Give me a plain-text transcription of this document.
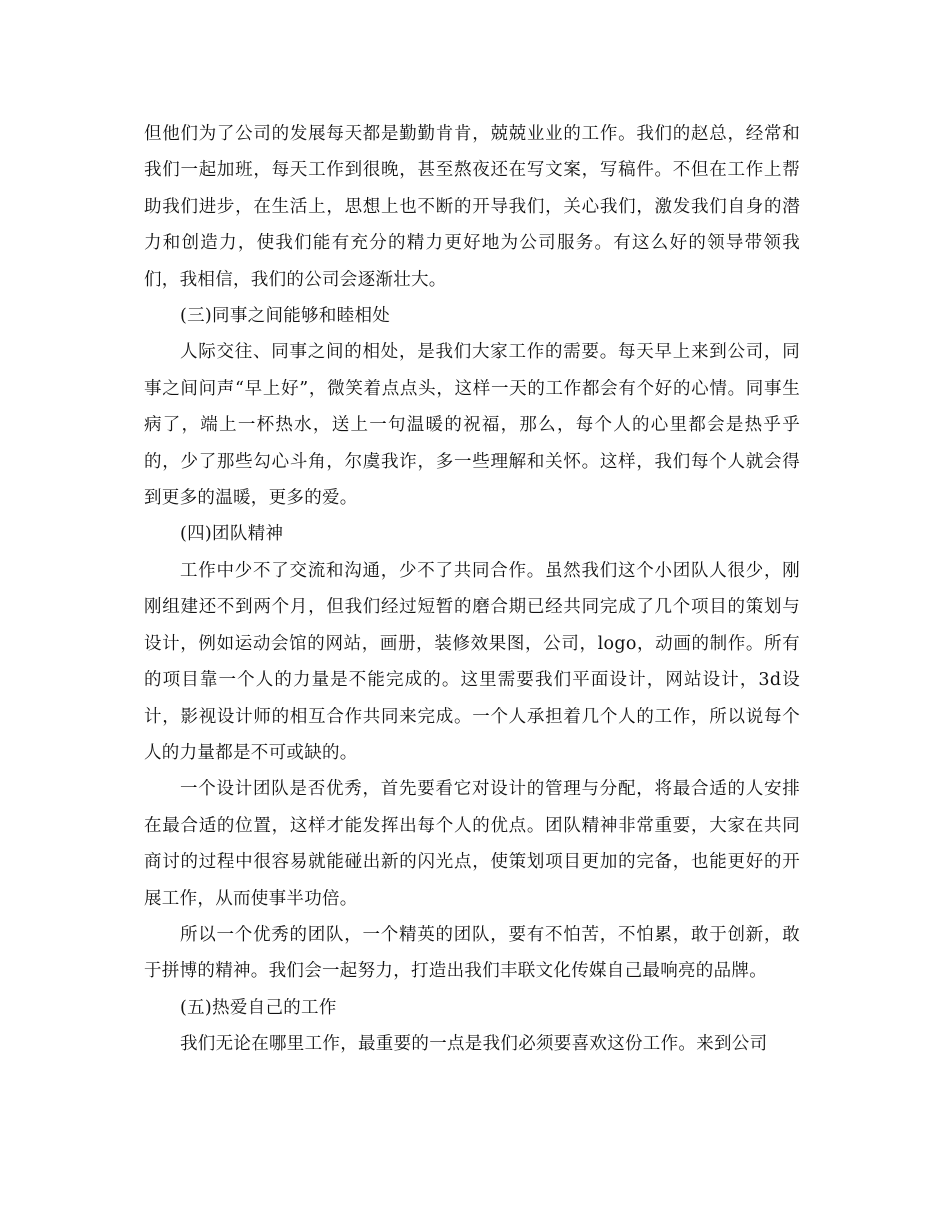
但他们为了公司的发展每天都是勤勤肯肯，兢兢业业的工作。我们的赵总，经常和我们一起加班，每天工作到很晚，甚至熬夜还在写文案，写稿件。不但在工作上帮助我们进步，在生活上，思想上也不断的开导我们，关心我们，激发我们自身的潜力和创造力，使我们能有充分的精力更好地为公司服务。有这么好的领导带领我们，我相信，我们的公司会逐渐壮大。

(三)同事之间能够和睦相处

人际交往、同事之间的相处，是我们大家工作的需要。每天早上来到公司，同事之间问声“早上好”，微笑着点点头，这样一天的工作都会有个好的心情。同事生病了，端上一杯热水，送上一句温暖的祝福，那么，每个人的心里都会是热乎乎的，少了那些勾心斗角，尔虞我诈，多一些理解和关怀。这样，我们每个人就会得到更多的温暖，更多的爱。

(四)团队精神

工作中少不了交流和沟通，少不了共同合作。虽然我们这个小团队人很少，刚刚组建还不到两个月，但我们经过短暂的磨合期已经共同完成了几个项目的策划与设计，例如运动会馆的网站，画册，装修效果图，公司，logo，动画的制作。所有的项目靠一个人的力量是不能完成的。这里需要我们平面设计，网站设计，3d设计，影视设计师的相互合作共同来完成。一个人承担着几个人的工作，所以说每个人的力量都是不可或缺的。

一个设计团队是否优秀，首先要看它对设计的管理与分配，将最合适的人安排在最合适的位置，这样才能发挥出每个人的优点。团队精神非常重要，大家在共同商讨的过程中很容易就能碰出新的闪光点，使策划项目更加的完备，也能更好的开展工作，从而使事半功倍。

所以一个优秀的团队，一个精英的团队，要有不怕苦，不怕累，敢于创新，敢于拼博的精神。我们会一起努力，打造出我们丰联文化传媒自己最响亮的品牌。

(五)热爱自己的工作

我们无论在哪里工作，最重要的一点是我们必须要喜欢这份工作。来到公司
